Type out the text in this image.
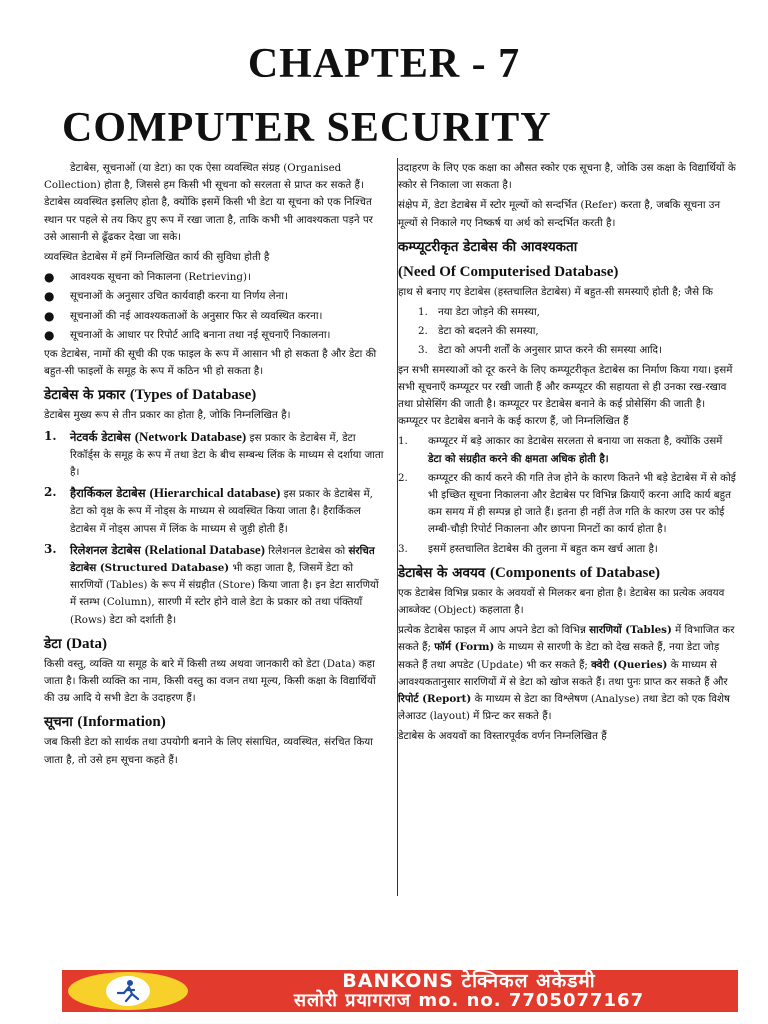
CHAPTER - 7
COMPUTER SECURITY

डेटाबेस, सूचनाओं (या डेटा) का एक ऐसा व्यवस्थित संग्रह (Organised Collection) होता है, जिससे हम किसी भी सूचना को सरलता से प्राप्त कर सकते हैं। डेटाबेस व्यवस्थित इसलिए होता है, क्योंकि इसमें किसी भी डेटा या सूचना को एक निश्चित स्थान पर पहले से तय किए हुए रूप में रखा जाता है, ताकि कभी भी आवश्यकता पड़ने पर उसे आसानी से ढूँढकर देखा जा सके।

व्यवस्थित डेटाबेस में हमें निम्नलिखित कार्य की सुविधा होती है

●	आवश्यक सूचना को निकालना (Retrieving)।
●	सूचनाओं के अनुसार उचित कार्यवाही करना या निर्णय लेना।
●	सूचनाओं की नई आवश्यकताओं के अनुसार फिर से व्यवस्थित करना।
●	सूचनाओं के आधार पर रिपोर्ट आदि बनाना तथा नई सूचनाएँ निकालना।

एक डेटाबेस, नामों की सूची की एक फाइल के रूप में आसान भी हो सकता है और डेटा की बहुत-सी फाइलों के समूह के रूप में कठिन भी हो सकता है।

डेटाबेस के प्रकार (Types of Database)

डेटाबेस मुख्य रूप से तीन प्रकार का होता है, जोकि निम्नलिखित है।

1.	नेटवर्क डेटाबेस (Network Database) इस प्रकार के डेटाबेस में, डेटा रिकॉर्ड्स के समूह के रूप में तथा डेटा के बीच सम्बन्ध लिंक के माध्यम से दर्शाया जाता है।
2.	हैरार्किकल डेटाबेस (Hierarchical database) इस प्रकार के डेटाबेस में, डेटा को वृक्ष के रूप में नोड्स के माध्यम से व्यवस्थित किया जाता है। हैरार्किकल डेटाबेस में नोड्स आपस में लिंक के माध्यम से जुड़ी होती हैं।
3.	रिलेशनल डेटाबेस (Relational Database) रिलेशनल डेटाबेस को संरचित डेटाबेस (Structured Database) भी कहा जाता है, जिसमें डेटा को सारणियों (Tables) के रूप में संग्रहीत (Store) किया जाता है। इन डेटा सारणियों में स्तम्भ (Column), सारणी में स्टोर होने वाले डेटा के प्रकार को तथा पंक्तियाँ (Rows) डेटा को दर्शाती है।
डेटा (Data)

किसी वस्तु, व्यक्ति या समूह के बारे में किसी तथ्य अथवा जानकारी को डेटा (Data) कहा जाता है। किसी व्यक्ति का नाम, किसी वस्तु का वजन तथा मूल्य, किसी कक्षा के विद्यार्थियों की उम्र आदि ये सभी डेटा के उदाहरण हैं।

सूचना (Information)

जब किसी डेटा को सार्थक तथा उपयोगी बनाने के लिए संसाधित, व्यवस्थित, संरचित किया जाता है, तो उसे हम सूचना कहते हैं।

उदाहरण के लिए एक कक्षा का औसत स्कोर एक सूचना है, जोकि उस कक्षा के विद्यार्थियों के स्कोर से निकाला जा सकता है।

संक्षेप में, डेटा डेटाबेस में स्टोर मूल्यों को सन्दर्भित (Refer) करता है, जबकि सूचना उन मूल्यों से निकाले गए निष्कर्ष या अर्थ को सन्दर्भित करती है।

कम्प्यूटरीकृत डेटाबेस की आवश्यकता
(Need Of Computerised Database)

हाथ से बनाए गए डेटाबेस (हस्तचालित डेटाबेस) में बहुत-सी समस्याएँ होती है; जैसे कि

1. नया डेटा जोड़ने की समस्या,
2. डेटा को बदलने की समस्या,
3. डेटा को अपनी शर्तों के अनुसार प्राप्त करने की समस्या आदि।

इन सभी समस्याओं को दूर करने के लिए कम्प्यूटरीकृत डेटाबेस का निर्माण किया गया। इसमें सभी सूचनाएँ कम्प्यूटर पर रखी जाती हैं और कम्प्यूटर की सहायता से ही उनका रख-रखाव तथा प्रोसेसिंग की जाती है। कम्प्यूटर पर डेटाबेस बनाने के कई प्रोसेसिंग की जाती है। कम्प्यूटर पर डेटाबेस बनाने के कई कारण हैं, जो निम्नलिखित हैं

1.	कम्प्यूटर में बड़े आकार का डेटाबेस सरलता से बनाया जा सकता है, क्योंकि उसमें डेटा को संग्रहीत करने की क्षमता अधिक होती है।
2.	कम्प्यूटर की कार्य करने की गति तेज होने के कारण कितने भी बड़े डेटाबेस में से कोई भी इच्छित सूचना निकालना और डेटाबेस पर विभिन्न क्रियाएँ करना आदि कार्य बहुत कम समय में ही सम्पन्न हो जाते हैं। इतना ही नहीं तेज गति के कारण उस पर कोई लम्बी-चौड़ी रिपोर्ट निकालना और छापना मिनटों का कार्य होता है।
3.	इसमें हस्तचालित डेटाबेस की तुलना में बहुत कम खर्च आता है।
डेटाबेस के अवयव (Components of Database)

एक डेटाबेस विभिन्न प्रकार के अवयवों से मिलकर बना होता है। डेटाबेस का प्रत्येक अवयव आब्जेक्ट (Object) कहलाता है।

प्रत्येक डेटाबेस फाइल में आप अपने डेटा को विभिन्न सारणियों (Tables) में विभाजित कर सकते हैं; फॉर्म (Form) के माध्यम से सारणी के डेटा को देख सकते हैं, नया डेटा जोड़ सकते हैं तथा अपडेट (Update) भी कर सकते हैं; क्वेरी (Queries) के माध्यम से आवश्यकतानुसार सारणियों में से डेटा को खोज सकते हैं। तथा पुनः प्राप्त कर सकते हैं और रिपोर्ट (Report) के माध्यम से डेटा का विश्लेषण (Analyse) तथा डेटा को एक विशेष लेआउट (layout) में प्रिन्ट कर सकते हैं।

डेटाबेस के अवयवों का विस्तारपूर्वक वर्णन निम्नलिखित हैं

BANKONS टेक्निकल अकेडमी
सलोरी प्रयागराज mo. no. 7705077167
